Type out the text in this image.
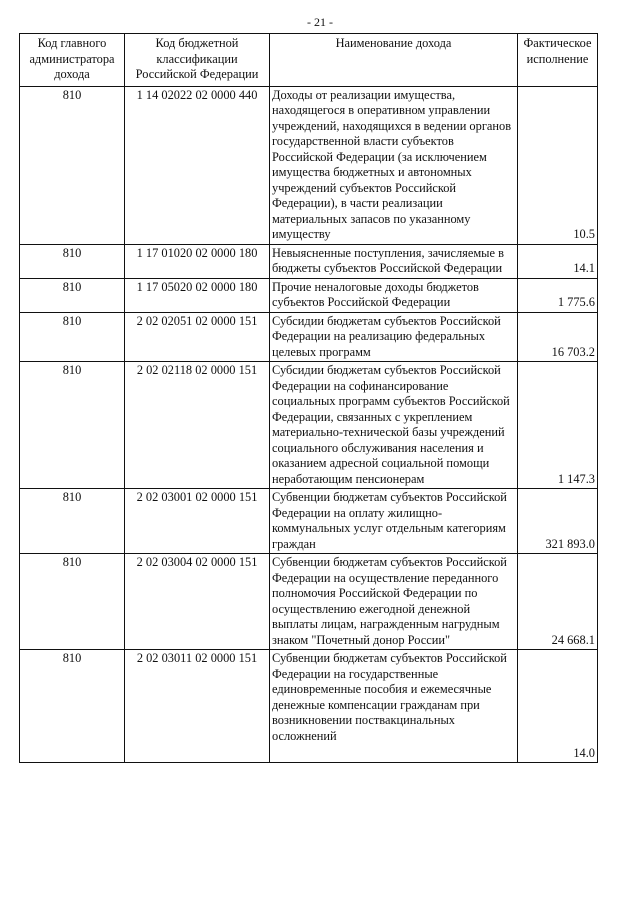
- 21 -
Код главного администратора дохода	Код бюджетной классификации Российской Федерации	Наименование дохода	Фактическое исполнение
810	1 14 02022 02 0000 440	Доходы от реализации имущества, находящегося в оперативном управлении учреждений, находящихся в ведении органов государственной власти субъектов Российской Федерации (за исключением имущества бюджетных и автономных учреждений субъектов Российской Федерации), в части реализации материальных запасов по указанному имуществу	10.5
810	1 17 01020 02 0000 180	Невыясненные поступления, зачисляемые в бюджеты субъектов Российской Федерации	14.1
810	1 17 05020 02 0000 180	Прочие неналоговые доходы бюджетов субъектов Российской Федерации	1 775.6
810	2 02 02051 02 0000 151	Субсидии бюджетам субъектов Российской Федерации на реализацию федеральных целевых программ	16 703.2
810	2 02 02118 02 0000 151	Субсидии бюджетам субъектов Российской Федерации на софинансирование социальных программ субъектов Российской Федерации, связанных с укреплением материально-технической базы учреждений социального обслуживания населения и оказанием адресной социальной помощи неработающим пенсионерам	1 147.3
810	2 02 03001 02 0000 151	Субвенции бюджетам субъектов Российской Федерации на оплату жилищно-коммунальных услуг отдельным категориям граждан	321 893.0
810	2 02 03004 02 0000 151	Субвенции бюджетам субъектов Российской Федерации на осуществление переданного полномочия Российской Федерации по осуществлению ежегодной денежной выплаты лицам, награжденным нагрудным знаком "Почетный донор России"	24 668.1
810	2 02 03011 02 0000 151	Субвенции бюджетам субъектов Российской Федерации на государственные единовременные пособия и ежемесячные денежные компенсации гражданам при возникновении поствакцинальных осложнений	14.0
